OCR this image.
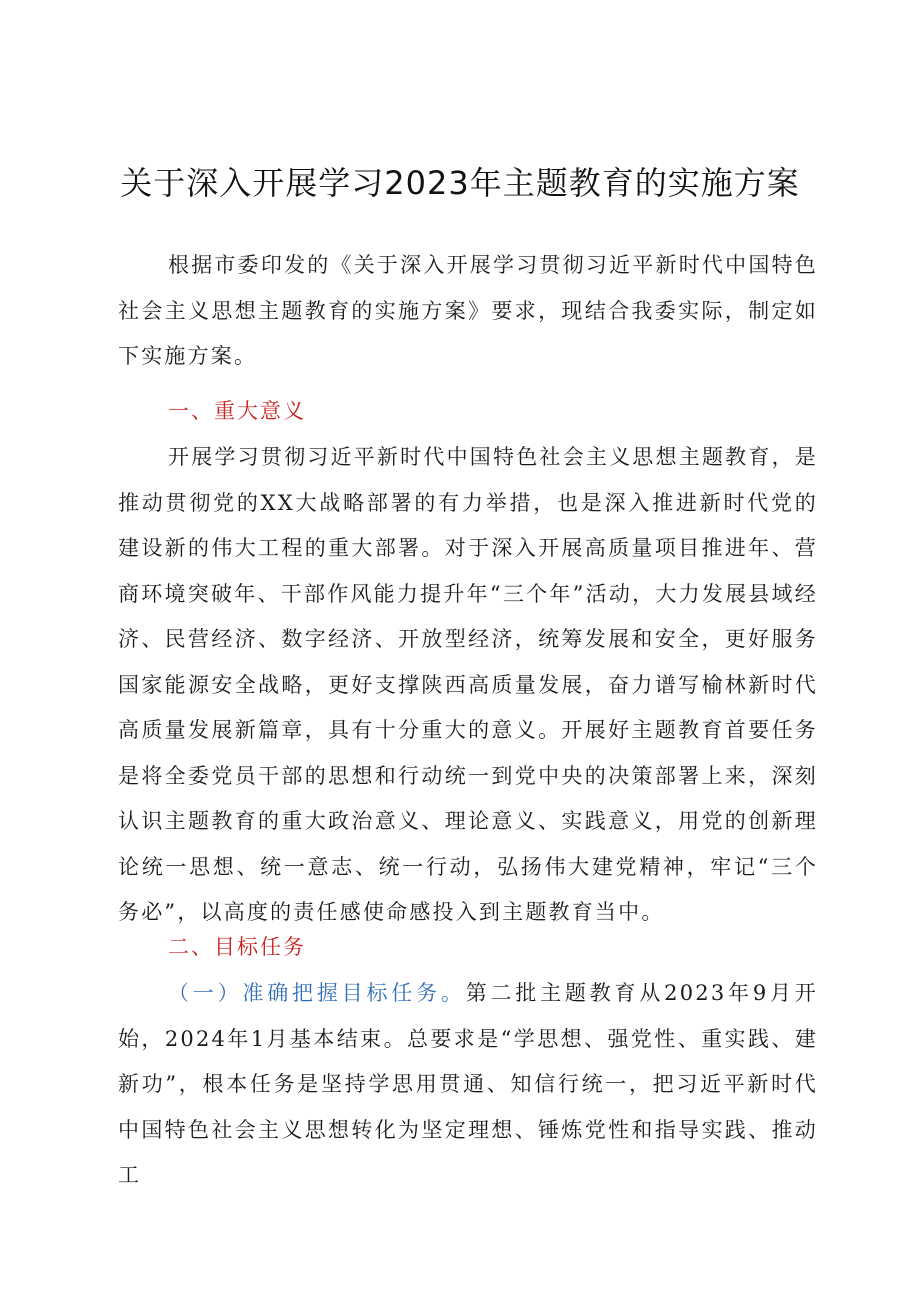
关于深入开展学习2023年主题教育的实施方案

根据市委印发的《关于深入开展学习贯彻习近平新时代中国特色社会主义思想主题教育的实施方案》要求，现结合我委实际，制定如下实施方案。

一、重大意义

开展学习贯彻习近平新时代中国特色社会主义思想主题教育，是推动贯彻党的XX大战略部署的有力举措，也是深入推进新时代党的建设新的伟大工程的重大部署。对于深入开展高质量项目推进年、营商环境突破年、干部作风能力提升年“三个年”活动，大力发展县域经济、民营经济、数字经济、开放型经济，统筹发展和安全，更好服务国家能源安全战略，更好支撑陕西高质量发展，奋力谱写榆林新时代高质量发展新篇章，具有十分重大的意义。开展好主题教育首要任务是将全委党员干部的思想和行动统一到党中央的决策部署上来，深刻认识主题教育的重大政治意义、理论意义、实践意义，用党的创新理论统一思想、统一意志、统一行动，弘扬伟大建党精神，牢记“三个务必”，以高度的责任感使命感投入到主题教育当中。

二、目标任务

（一）准确把握目标任务。第二批主题教育从2023年9月开始，2024年1月基本结束。总要求是“学思想、强党性、重实践、建新功”，根本任务是坚持学思用贯通、知信行统一，把习近平新时代中国特色社会主义思想转化为坚定理想、锤炼党性和指导实践、推动工
